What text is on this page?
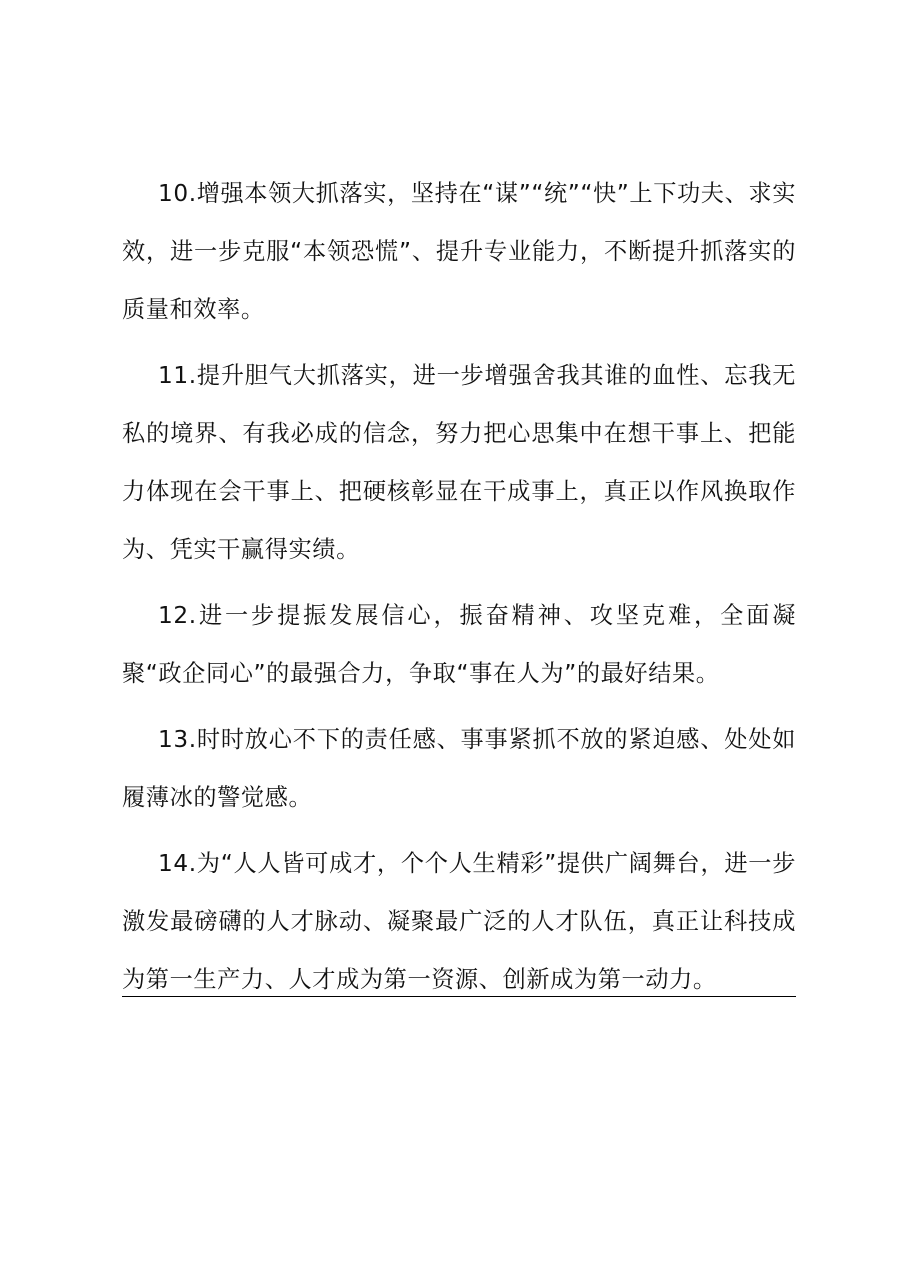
10.增强本领大抓落实，坚持在“谋”“统”“快”上下功夫、求实效，进一步克服“本领恐慌”、提升专业能力，不断提升抓落实的质量和效率。

11.提升胆气大抓落实，进一步增强舍我其谁的血性、忘我无私的境界、有我必成的信念，努力把心思集中在想干事上、把能力体现在会干事上、把硬核彰显在干成事上，真正以作风换取作为、凭实干赢得实绩。

12.进一步提振发展信心，振奋精神、攻坚克难，全面凝聚“政企同心”的最强合力，争取“事在人为”的最好结果。

13.时时放心不下的责任感、事事紧抓不放的紧迫感、处处如履薄冰的警觉感。

14.为“人人皆可成才，个个人生精彩”提供广阔舞台，进一步激发最磅礴的人才脉动、凝聚最广泛的人才队伍，真正让科技成为第一生产力、人才成为第一资源、创新成为第一动力。
